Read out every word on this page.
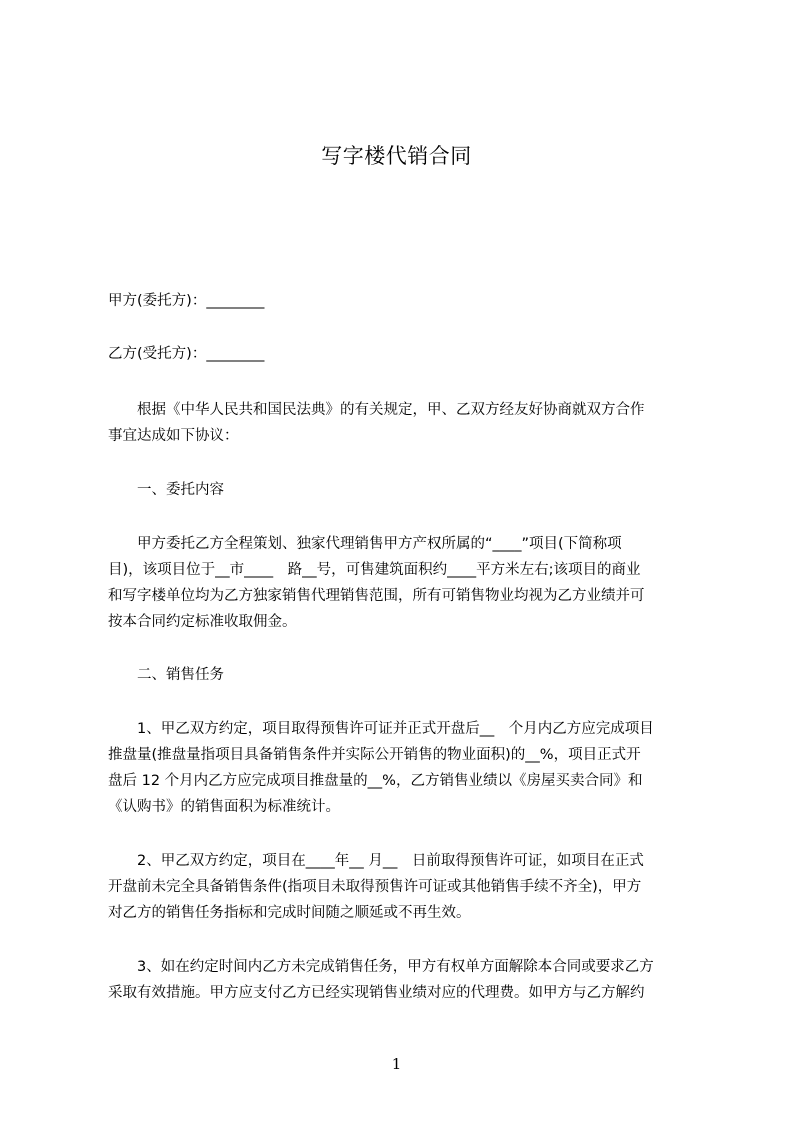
写字楼代销合同
甲方(委托方)：________
乙方(受托方)：________
　　根据《中华人民共和国民法典》的有关规定，甲、乙双方经友好协商就双方合作
事宜达成如下协议：
　　一、委托内容
　　甲方委托乙方全程策划、独家代理销售甲方产权所属的“____”项目(下简称项
目)，该项目位于__市____　路__号，可售建筑面积约____平方米左右;该项目的商业
和写字楼单位均为乙方独家销售代理销售范围，所有可销售物业均视为乙方业绩并可
按本合同约定标准收取佣金。
　　二、销售任务
　　1、甲乙双方约定，项目取得预售许可证并正式开盘后__　个月内乙方应完成项目
推盘量(推盘量指项目具备销售条件并实际公开销售的物业面积)的__%，项目正式开
盘后 12 个月内乙方应完成项目推盘量的__%，乙方销售业绩以《房屋买卖合同》和
《认购书》的销售面积为标准统计。
　　2、甲乙双方约定，项目在____年__ 月__　日前取得预售许可证，如项目在正式
开盘前未完全具备销售条件(指项目未取得预售许可证或其他销售手续不齐全)，甲方
对乙方的销售任务指标和完成时间随之顺延或不再生效。
　　3、如在约定时间内乙方未完成销售任务，甲方有权单方面解除本合同或要求乙方
采取有效措施。甲方应支付乙方已经实现销售业绩对应的代理费。如甲方与乙方解约
1
